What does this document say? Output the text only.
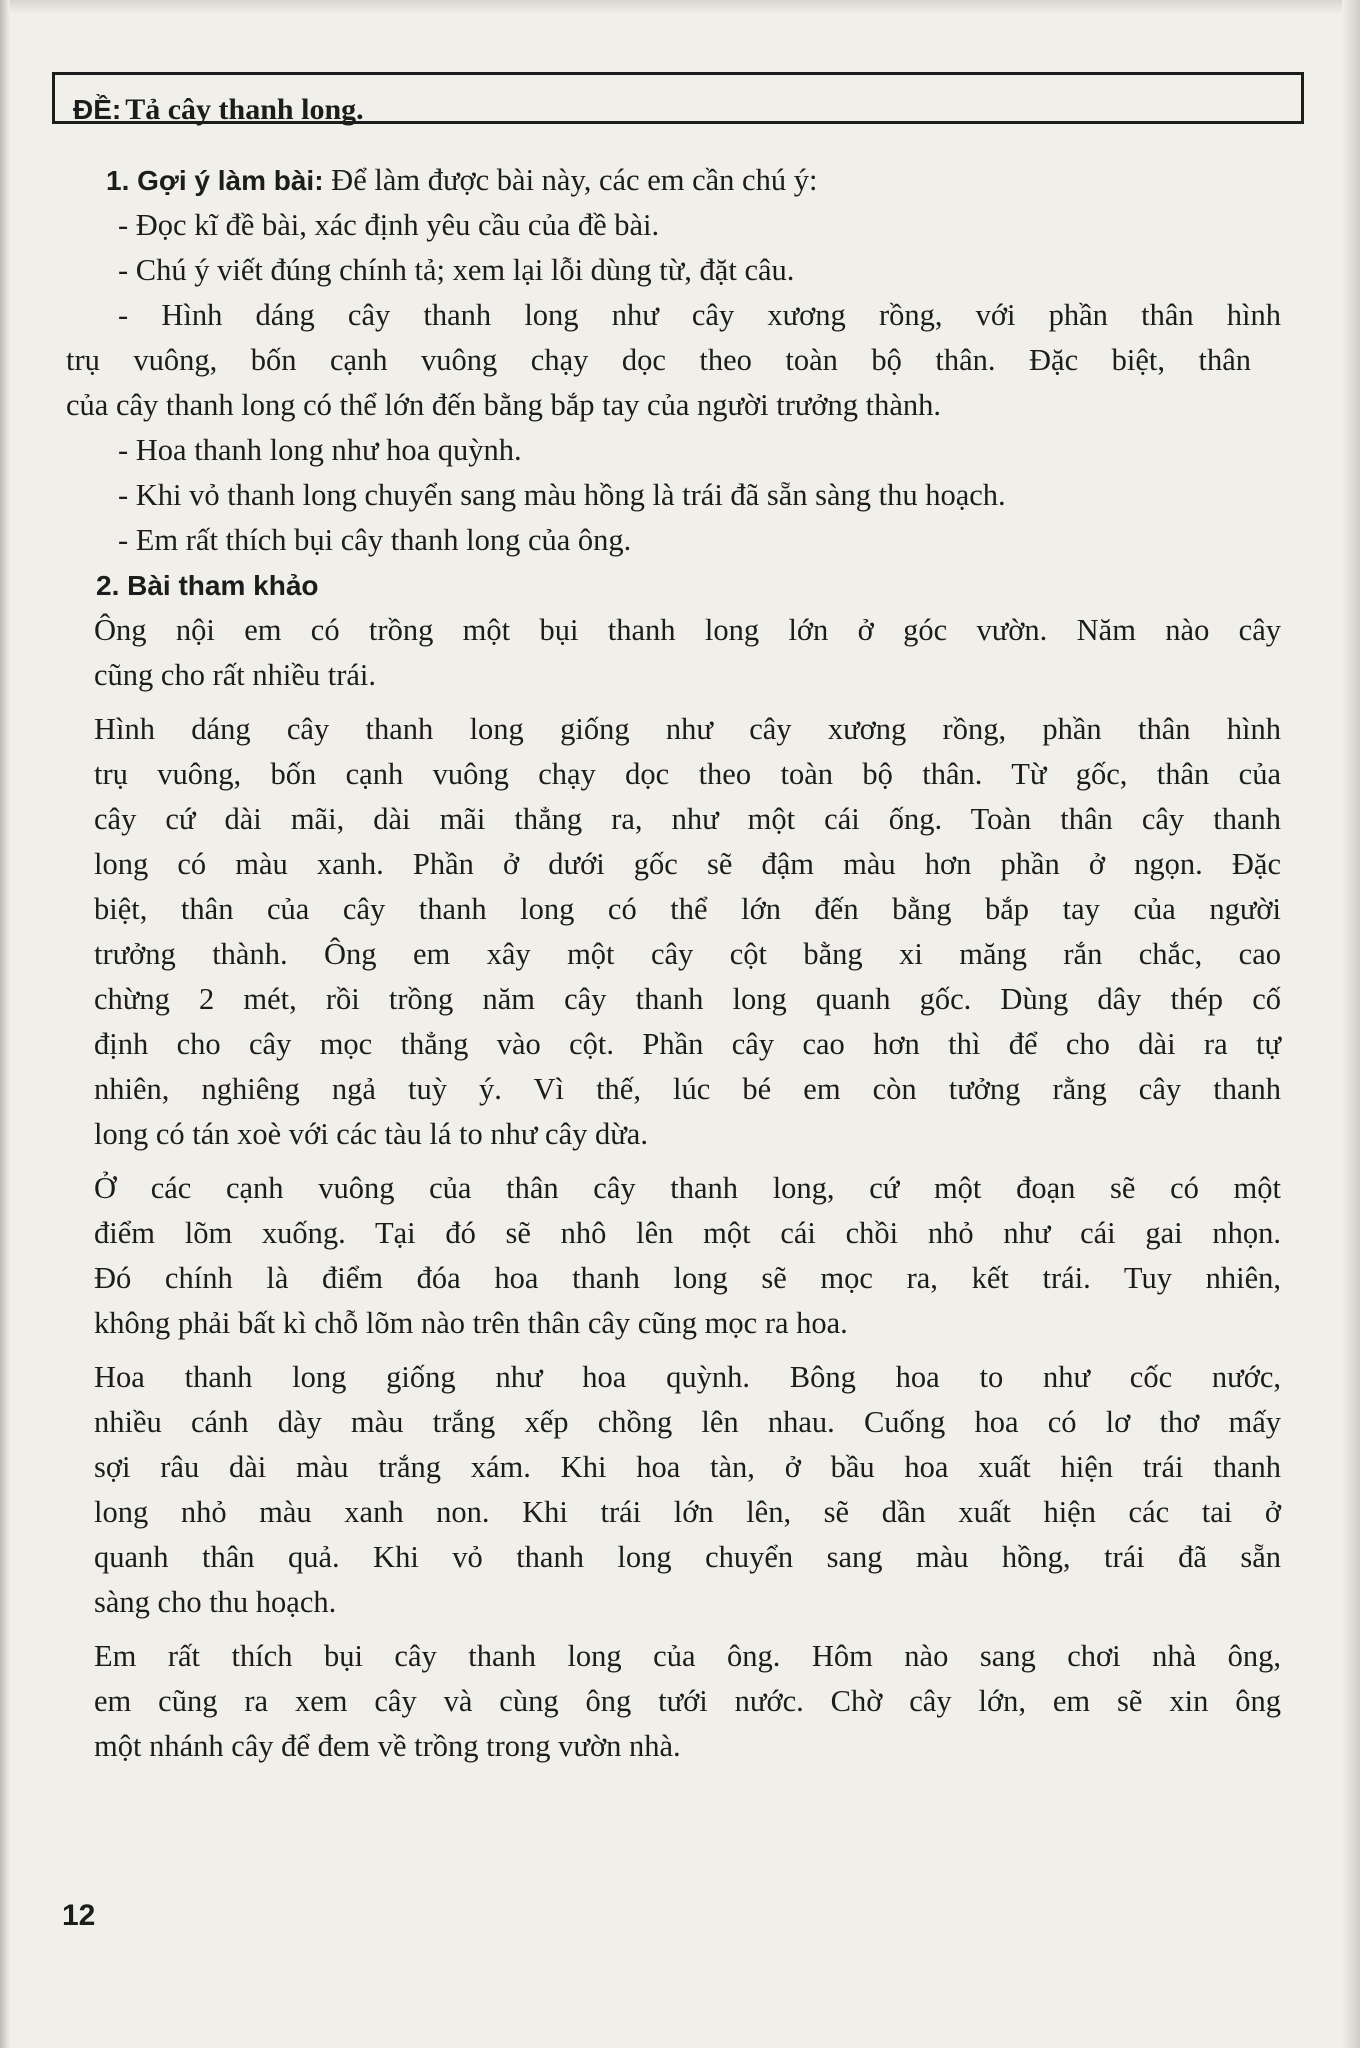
ĐỀ: Tả cây thanh long.
1. Gợi ý làm bài: Để làm được bài này, các em cần chú ý:
- Đọc kĩ đề bài, xác định yêu cầu của đề bài.
- Chú ý viết đúng chính tả; xem lại lỗi dùng từ, đặt câu.
- Hình dáng cây thanh long như cây xương rồng, với phần thân hình
trụ vuông, bốn cạnh vuông chạy dọc theo toàn bộ thân. Đặc biệt, thân
của cây thanh long có thể lớn đến bằng bắp tay của người trưởng thành.
- Hoa thanh long như hoa quỳnh.
- Khi vỏ thanh long chuyển sang màu hồng là trái đã sẵn sàng thu hoạch.
- Em rất thích bụi cây thanh long của ông.
2. Bài tham khảo
Ông nội em có trồng một bụi thanh long lớn ở góc vườn. Năm nào cây
cũng cho rất nhiều trái.
Hình dáng cây thanh long giống như cây xương rồng, phần thân hình
trụ vuông, bốn cạnh vuông chạy dọc theo toàn bộ thân. Từ gốc, thân của
cây cứ dài mãi, dài mãi thẳng ra, như một cái ống. Toàn thân cây thanh
long có màu xanh. Phần ở dưới gốc sẽ đậm màu hơn phần ở ngọn. Đặc
biệt, thân của cây thanh long có thể lớn đến bằng bắp tay của người
trưởng thành. Ông em xây một cây cột bằng xi măng rắn chắc, cao
chừng 2 mét, rồi trồng năm cây thanh long quanh gốc. Dùng dây thép cố
định cho cây mọc thẳng vào cột. Phần cây cao hơn thì để cho dài ra tự
nhiên, nghiêng ngả tuỳ ý. Vì thế, lúc bé em còn tưởng rằng cây thanh
long có tán xoè với các tàu lá to như cây dừa.
Ở các cạnh vuông của thân cây thanh long, cứ một đoạn sẽ có một
điểm lõm xuống. Tại đó sẽ nhô lên một cái chồi nhỏ như cái gai nhọn.
Đó chính là điểm đóa hoa thanh long sẽ mọc ra, kết trái. Tuy nhiên,
không phải bất kì chỗ lõm nào trên thân cây cũng mọc ra hoa.
Hoa thanh long giống như hoa quỳnh. Bông hoa to như cốc nước,
nhiều cánh dày màu trắng xếp chồng lên nhau. Cuống hoa có lơ thơ mấy
sợi râu dài màu trắng xám. Khi hoa tàn, ở bầu hoa xuất hiện trái thanh
long nhỏ màu xanh non. Khi trái lớn lên, sẽ dần xuất hiện các tai ở
quanh thân quả. Khi vỏ thanh long chuyển sang màu hồng, trái đã sẵn
sàng cho thu hoạch.
Em rất thích bụi cây thanh long của ông. Hôm nào sang chơi nhà ông,
em cũng ra xem cây và cùng ông tưới nước. Chờ cây lớn, em sẽ xin ông
một nhánh cây để đem về trồng trong vườn nhà.
12
